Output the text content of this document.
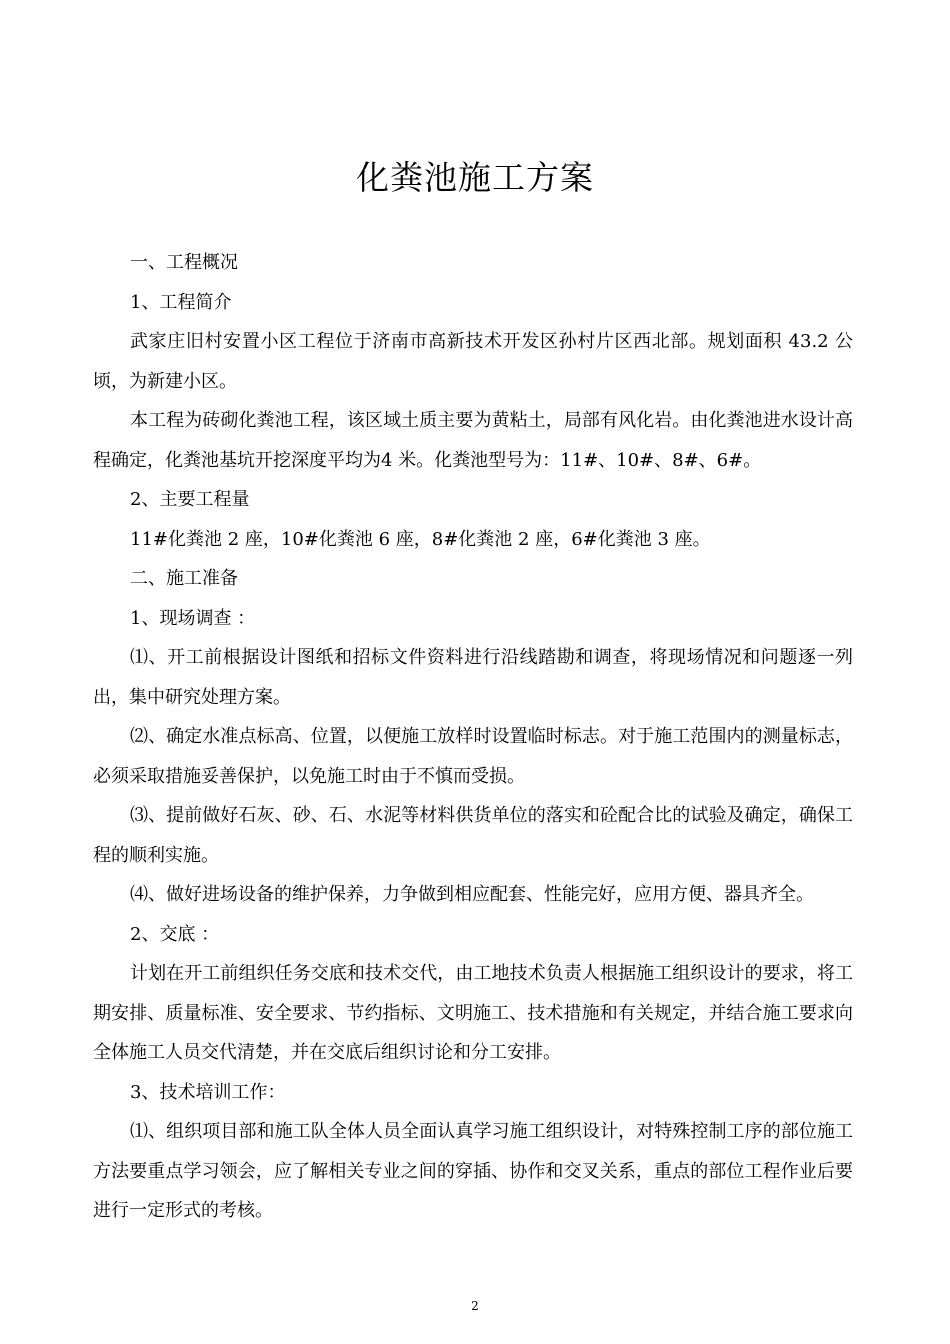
化粪池施工方案

一、工程概况

1、工程简介

武家庄旧村安置小区工程位于济南市高新技术开发区孙村片区西北部。规划面积 43.2 公顷，为新建小区。

本工程为砖砌化粪池工程，该区域土质主要为黄粘土，局部有风化岩。由化粪池进水设计高程确定，化粪池基坑开挖深度平均为4 米。化粪池型号为：11#、10#、8#、6#。

2、主要工程量

11#化粪池 2 座，10#化粪池 6 座，8#化粪池 2 座，6#化粪池 3 座。

二、施工准备

1、现场调查 ：

⑴、开工前根据设计图纸和招标文件资料进行沿线踏勘和调查，将现场情况和问题逐一列出，集中研究处理方案。

⑵、确定水准点标高、位置，以便施工放样时设置临时标志。对于施工范围内的测量标志，必须采取措施妥善保护，以免施工时由于不慎而受损。

⑶、提前做好石灰、砂、石、水泥等材料供货单位的落实和砼配合比的试验及确定，确保工程的顺利实施。

⑷、做好进场设备的维护保养，力争做到相应配套、性能完好，应用方便、器具齐全。

2、交底 ：

计划在开工前组织任务交底和技术交代，由工地技术负责人根据施工组织设计的要求，将工期安排、质量标准、安全要求、节约指标、文明施工、技术措施和有关规定，并结合施工要求向全体施工人员交代清楚，并在交底后组织讨论和分工安排。

3、技术培训工作：

⑴、组织项目部和施工队全体人员全面认真学习施工组织设计，对特殊控制工序的部位施工方法要重点学习领会，应了解相关专业之间的穿插、协作和交叉关系，重点的部位工程作业后要进行一定形式的考核。

2
